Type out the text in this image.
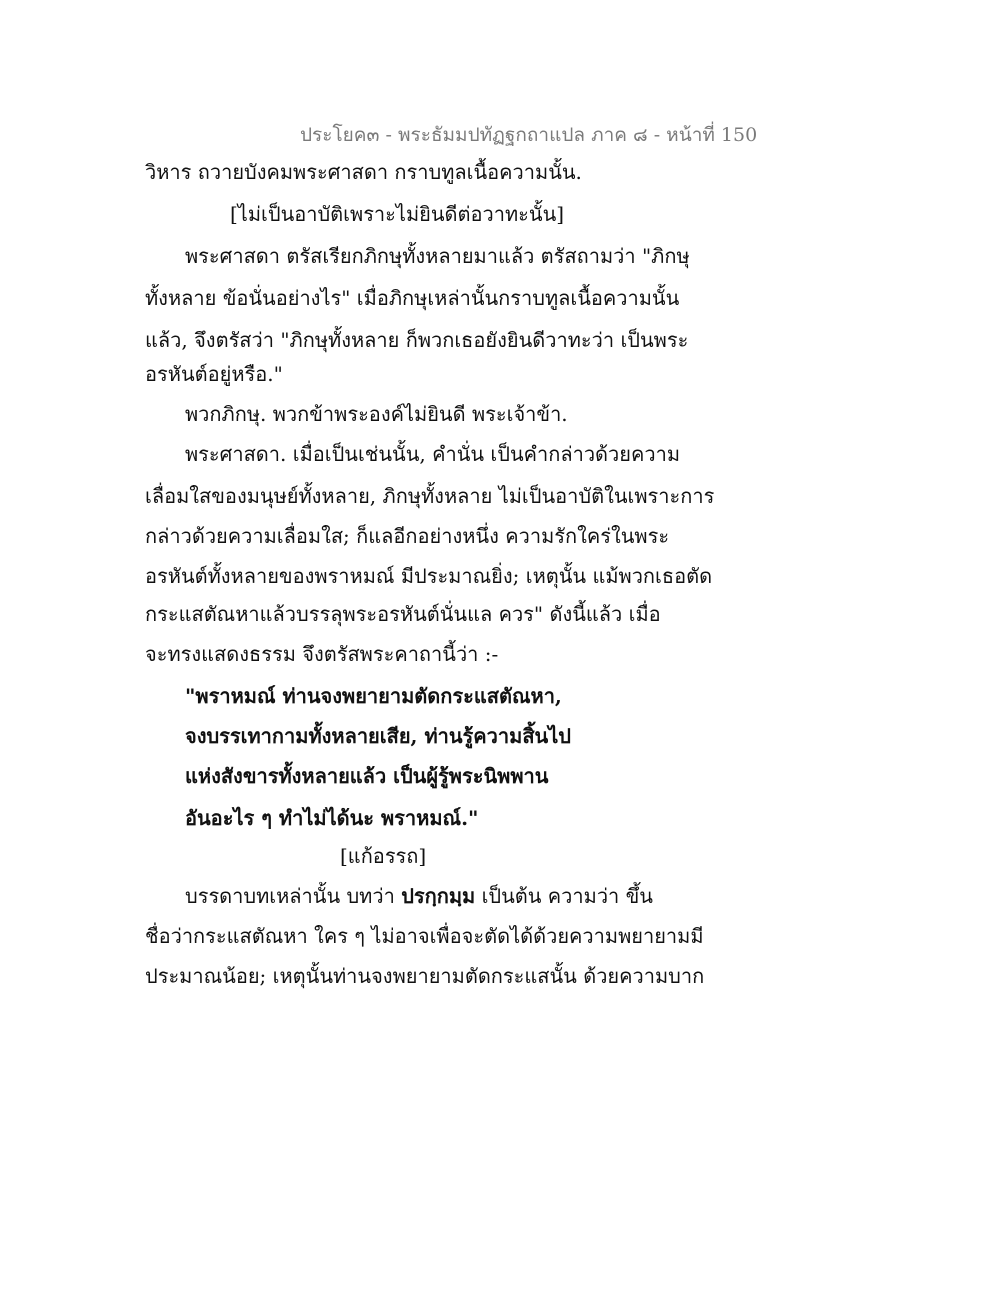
ประโยค๓ - พระธัมมปทัฏฐกถาแปล ภาค ๘ - หน้าที่ 150
วิหาร ถวายบังคมพระศาสดา กราบทูลเนื้อความนั้น.
[ไม่เป็นอาบัติเพราะไม่ยินดีต่อวาทะนั้น]
พระศาสดา ตรัสเรียกภิกษุทั้งหลายมาแล้ว ตรัสถามว่า "ภิกษุ
ทั้งหลาย ข้อนั่นอย่างไร" เมื่อภิกษุเหล่านั้นกราบทูลเนื้อความนั้น
แล้ว, จึงตรัสว่า "ภิกษุทั้งหลาย ก็พวกเธอยังยินดีวาทะว่า เป็นพระ
อรหันต์อยู่หรือ."
พวกภิกษุ. พวกข้าพระองค์ไม่ยินดี พระเจ้าข้า.
พระศาสดา. เมื่อเป็นเช่นนั้น, คำนั่น เป็นคำกล่าวด้วยความ
เลื่อมใสของมนุษย์ทั้งหลาย, ภิกษุทั้งหลาย ไม่เป็นอาบัติในเพราะการ
กล่าวด้วยความเลื่อมใส; ก็แลอีกอย่างหนึ่ง ความรักใคร่ในพระ
อรหันต์ทั้งหลายของพราหมณ์ มีประมาณยิ่ง; เหตุนั้น แม้พวกเธอตัด
กระแสตัณหาแล้วบรรลุพระอรหันต์นั่นแล ควร" ดังนี้แล้ว เมื่อ
จะทรงแสดงธรรม จึงตรัสพระคาถานี้ว่า :-
"พราหมณ์ ท่านจงพยายามตัดกระแสตัณหา,
จงบรรเทากามทั้งหลายเสีย, ท่านรู้ความสิ้นไป
แห่งสังขารทั้งหลายแล้ว เป็นผู้รู้พระนิพพาน
อันอะไร ๆ ทำไม่ได้นะ พราหมณ์."
[แก้อรรถ]
บรรดาบทเหล่านั้น บทว่า ปรกฺกมฺม เป็นต้น ความว่า ขึ้น
ชื่อว่ากระแสตัณหา ใคร ๆ ไม่อาจเพื่อจะตัดได้ด้วยความพยายามมี
ประมาณน้อย; เหตุนั้นท่านจงพยายามตัดกระแสนั้น ด้วยความบาก
